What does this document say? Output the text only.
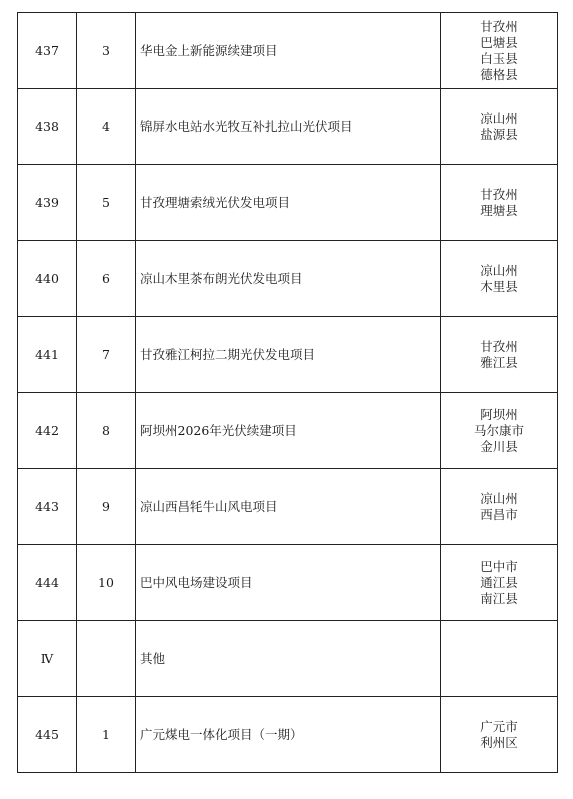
437	3	华电金上新能源续建项目	甘孜州
巴塘县
白玉县
德格县

438	4	锦屏水电站水光牧互补扎拉山光伏项目	凉山州
盐源县

439	5	甘孜理塘索绒光伏发电项目	甘孜州
理塘县

440	6	凉山木里茶布朗光伏发电项目	凉山州
木里县

441	7	甘孜雅江柯拉二期光伏发电项目	甘孜州
雅江县

442	8	阿坝州2026年光伏续建项目	阿坝州
马尔康市
金川县

443	9	凉山西昌牦牛山风电项目	凉山州
西昌市

444	10	巴中风电场建设项目	巴中市
通江县
南江县

Ⅳ		其他	
445	1	广元煤电一体化项目（一期）	广元市
利州区
